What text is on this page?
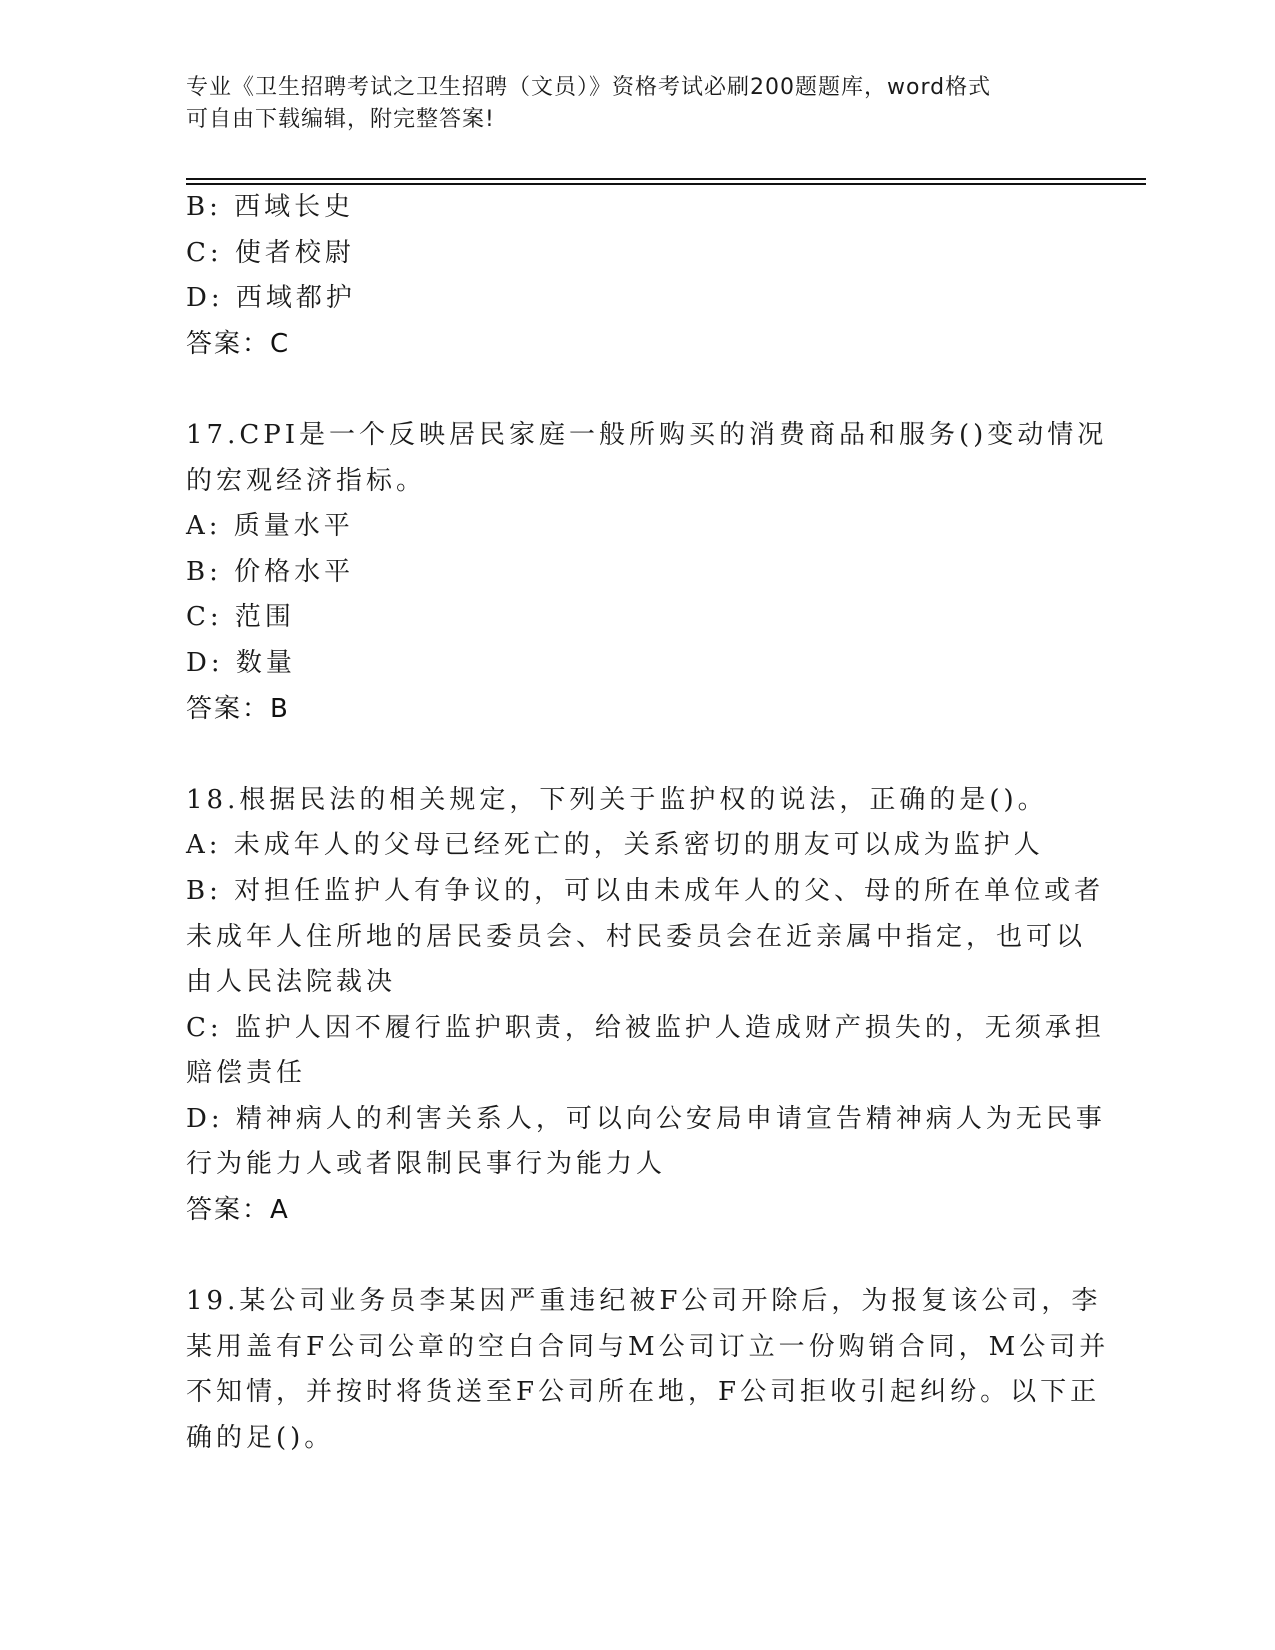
专业《卫生招聘考试之卫生招聘（文员）》资格考试必刷200题题库，word格式
可自由下载编辑，附完整答案!
B: 西域长史
C: 使者校尉
D: 西域都护
答案：C
17.CPI是一个反映居民家庭一般所购买的消费商品和服务()变动情况
的宏观经济指标。
A: 质量水平
B: 价格水平
C: 范围
D: 数量
答案：B
18.根据民法的相关规定，下列关于监护权的说法，正确的是()。
A: 未成年人的父母已经死亡的，关系密切的朋友可以成为监护人
B: 对担任监护人有争议的，可以由未成年人的父、母的所在单位或者
未成年人住所地的居民委员会、村民委员会在近亲属中指定，也可以
由人民法院裁决
C: 监护人因不履行监护职责，给被监护人造成财产损失的，无须承担
赔偿责任
D: 精神病人的利害关系人，可以向公安局申请宣告精神病人为无民事
行为能力人或者限制民事行为能力人
答案：A
19.某公司业务员李某因严重违纪被F公司开除后，为报复该公司，李
某用盖有F公司公章的空白合同与M公司订立一份购销合同，M公司并
不知情，并按时将货送至F公司所在地，F公司拒收引起纠纷。以下正
确的足()。
